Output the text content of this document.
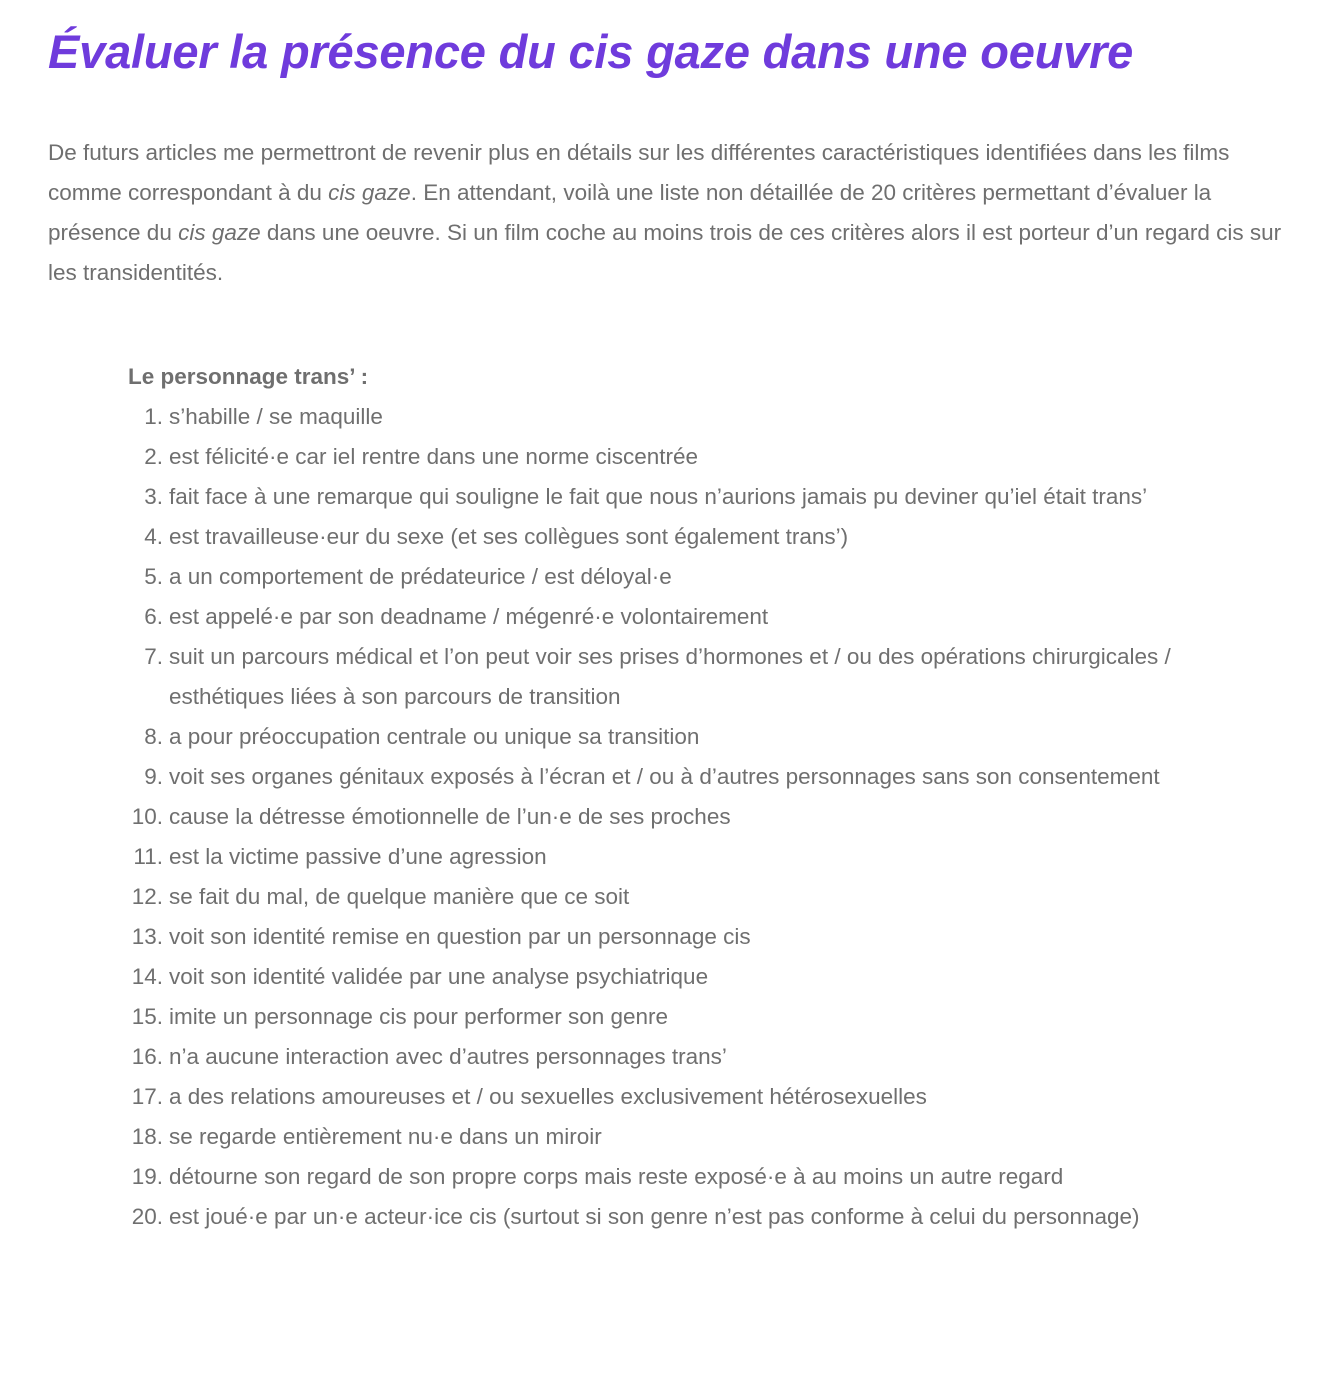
Évaluer la présence du cis gaze dans une oeuvre

De futurs articles me permettront de revenir plus en détails sur les différentes caractéristiques identifiées dans les films comme correspondant à du cis gaze. En attendant, voilà une liste non détaillée de 20 critères permettant d’évaluer la présence du cis gaze dans une oeuvre. Si un film coche au moins trois de ces critères alors il est porteur d’un regard cis sur les transidentités.

Le personnage trans’ :

1. s’habille / se maquille
2. est félicité·e car iel rentre dans une norme ciscentrée
3. fait face à une remarque qui souligne le fait que nous n’aurions jamais pu deviner qu’iel était trans’
4. est travailleuse·eur du sexe (et ses collègues sont également trans’)
5. a un comportement de prédateurice / est déloyal·e
6. est appelé·e par son deadname / mégenré·e volontairement
7. suit un parcours médical et l’on peut voir ses prises d’hormones et / ou des opérations chirurgicales / esthétiques liées à son parcours de transition
8. a pour préoccupation centrale ou unique sa transition
9. voit ses organes génitaux exposés à l’écran et / ou à d’autres personnages sans son consentement
10. cause la détresse émotionnelle de l’un·e de ses proches
11. est la victime passive d’une agression
12. se fait du mal, de quelque manière que ce soit
13. voit son identité remise en question par un personnage cis
14. voit son identité validée par une analyse psychiatrique
15. imite un personnage cis pour performer son genre
16. n’a aucune interaction avec d’autres personnages trans’
17. a des relations amoureuses et / ou sexuelles exclusivement hétérosexuelles
18. se regarde entièrement nu·e dans un miroir
19. détourne son regard de son propre corps mais reste exposé·e à au moins un autre regard
20. est joué·e par un·e acteur·ice cis (surtout si son genre n’est pas conforme à celui du personnage)
